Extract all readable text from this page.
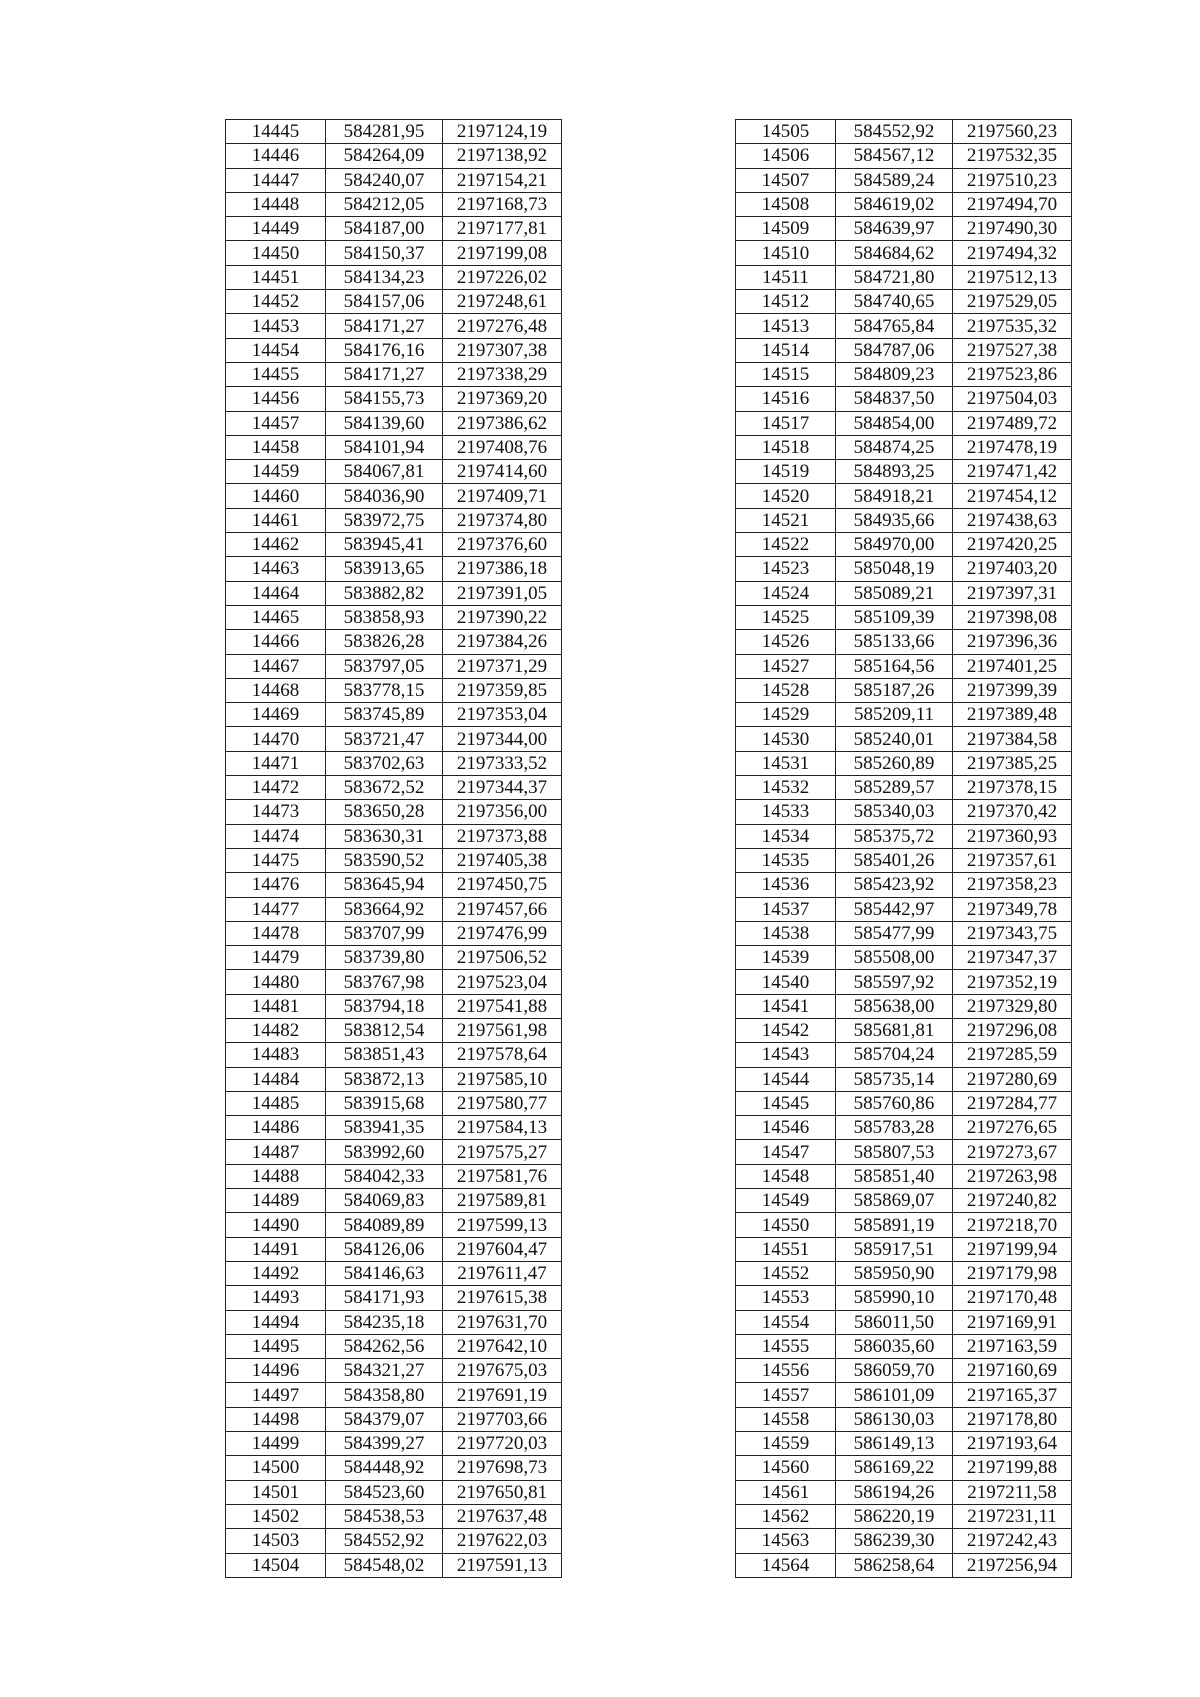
14445	584281,95	2197124,19
14446	584264,09	2197138,92
14447	584240,07	2197154,21
14448	584212,05	2197168,73
14449	584187,00	2197177,81
14450	584150,37	2197199,08
14451	584134,23	2197226,02
14452	584157,06	2197248,61
14453	584171,27	2197276,48
14454	584176,16	2197307,38
14455	584171,27	2197338,29
14456	584155,73	2197369,20
14457	584139,60	2197386,62
14458	584101,94	2197408,76
14459	584067,81	2197414,60
14460	584036,90	2197409,71
14461	583972,75	2197374,80
14462	583945,41	2197376,60
14463	583913,65	2197386,18
14464	583882,82	2197391,05
14465	583858,93	2197390,22
14466	583826,28	2197384,26
14467	583797,05	2197371,29
14468	583778,15	2197359,85
14469	583745,89	2197353,04
14470	583721,47	2197344,00
14471	583702,63	2197333,52
14472	583672,52	2197344,37
14473	583650,28	2197356,00
14474	583630,31	2197373,88
14475	583590,52	2197405,38
14476	583645,94	2197450,75
14477	583664,92	2197457,66
14478	583707,99	2197476,99
14479	583739,80	2197506,52
14480	583767,98	2197523,04
14481	583794,18	2197541,88
14482	583812,54	2197561,98
14483	583851,43	2197578,64
14484	583872,13	2197585,10
14485	583915,68	2197580,77
14486	583941,35	2197584,13
14487	583992,60	2197575,27
14488	584042,33	2197581,76
14489	584069,83	2197589,81
14490	584089,89	2197599,13
14491	584126,06	2197604,47
14492	584146,63	2197611,47
14493	584171,93	2197615,38
14494	584235,18	2197631,70
14495	584262,56	2197642,10
14496	584321,27	2197675,03
14497	584358,80	2197691,19
14498	584379,07	2197703,66
14499	584399,27	2197720,03
14500	584448,92	2197698,73
14501	584523,60	2197650,81
14502	584538,53	2197637,48
14503	584552,92	2197622,03
14504	584548,02	2197591,13
14505	584552,92	2197560,23
14506	584567,12	2197532,35
14507	584589,24	2197510,23
14508	584619,02	2197494,70
14509	584639,97	2197490,30
14510	584684,62	2197494,32
14511	584721,80	2197512,13
14512	584740,65	2197529,05
14513	584765,84	2197535,32
14514	584787,06	2197527,38
14515	584809,23	2197523,86
14516	584837,50	2197504,03
14517	584854,00	2197489,72
14518	584874,25	2197478,19
14519	584893,25	2197471,42
14520	584918,21	2197454,12
14521	584935,66	2197438,63
14522	584970,00	2197420,25
14523	585048,19	2197403,20
14524	585089,21	2197397,31
14525	585109,39	2197398,08
14526	585133,66	2197396,36
14527	585164,56	2197401,25
14528	585187,26	2197399,39
14529	585209,11	2197389,48
14530	585240,01	2197384,58
14531	585260,89	2197385,25
14532	585289,57	2197378,15
14533	585340,03	2197370,42
14534	585375,72	2197360,93
14535	585401,26	2197357,61
14536	585423,92	2197358,23
14537	585442,97	2197349,78
14538	585477,99	2197343,75
14539	585508,00	2197347,37
14540	585597,92	2197352,19
14541	585638,00	2197329,80
14542	585681,81	2197296,08
14543	585704,24	2197285,59
14544	585735,14	2197280,69
14545	585760,86	2197284,77
14546	585783,28	2197276,65
14547	585807,53	2197273,67
14548	585851,40	2197263,98
14549	585869,07	2197240,82
14550	585891,19	2197218,70
14551	585917,51	2197199,94
14552	585950,90	2197179,98
14553	585990,10	2197170,48
14554	586011,50	2197169,91
14555	586035,60	2197163,59
14556	586059,70	2197160,69
14557	586101,09	2197165,37
14558	586130,03	2197178,80
14559	586149,13	2197193,64
14560	586169,22	2197199,88
14561	586194,26	2197211,58
14562	586220,19	2197231,11
14563	586239,30	2197242,43
14564	586258,64	2197256,94
